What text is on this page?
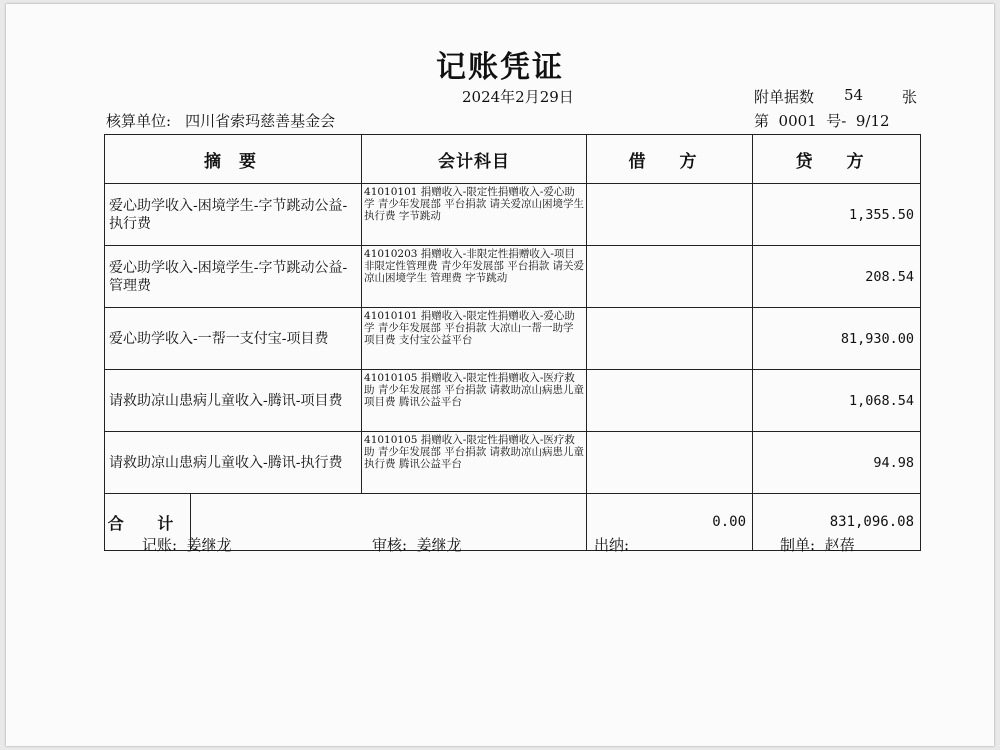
记账凭证
2024年2月29日	附单据数 54	张
核算单位: 四川省索玛慈善基金会	第  0001  号-  9/12
摘 要		会计科目	借 方	贷 方
爱心助学收入-困境学生-字节跳动公益-执行费		41010101 捐赠收入-限定性捐赠收入-爱心助学 青少年发展部 平台捐款 请关爱凉山困境学生 执行费 字节跳动		1,355.50
爱心助学收入-困境学生-字节跳动公益-管理费		41010203 捐赠收入-非限定性捐赠收入-项目非限定性管理费 青少年发展部 平台捐款 请关爱凉山困境学生 管理费 字节跳动		208.54
爱心助学收入-一帮一支付宝-项目费		41010101 捐赠收入-限定性捐赠收入-爱心助学 青少年发展部 平台捐款 大凉山一帮一助学 项目费 支付宝公益平台		81,930.00
请救助凉山患病儿童收入-腾讯-项目费		41010105 捐赠收入-限定性捐赠收入-医疗救助 青少年发展部 平台捐款 请救助凉山病患儿童 项目费 腾讯公益平台		1,068.54
请救助凉山患病儿童收入-腾讯-执行费		41010105 捐赠收入-限定性捐赠收入-医疗救助 青少年发展部 平台捐款 请救助凉山病患儿童 执行费 腾讯公益平台		94.98
合 计			0.00	831,096.08
记账:  姜继龙	审核:  姜继龙	出纳:	制单:  赵蓓
